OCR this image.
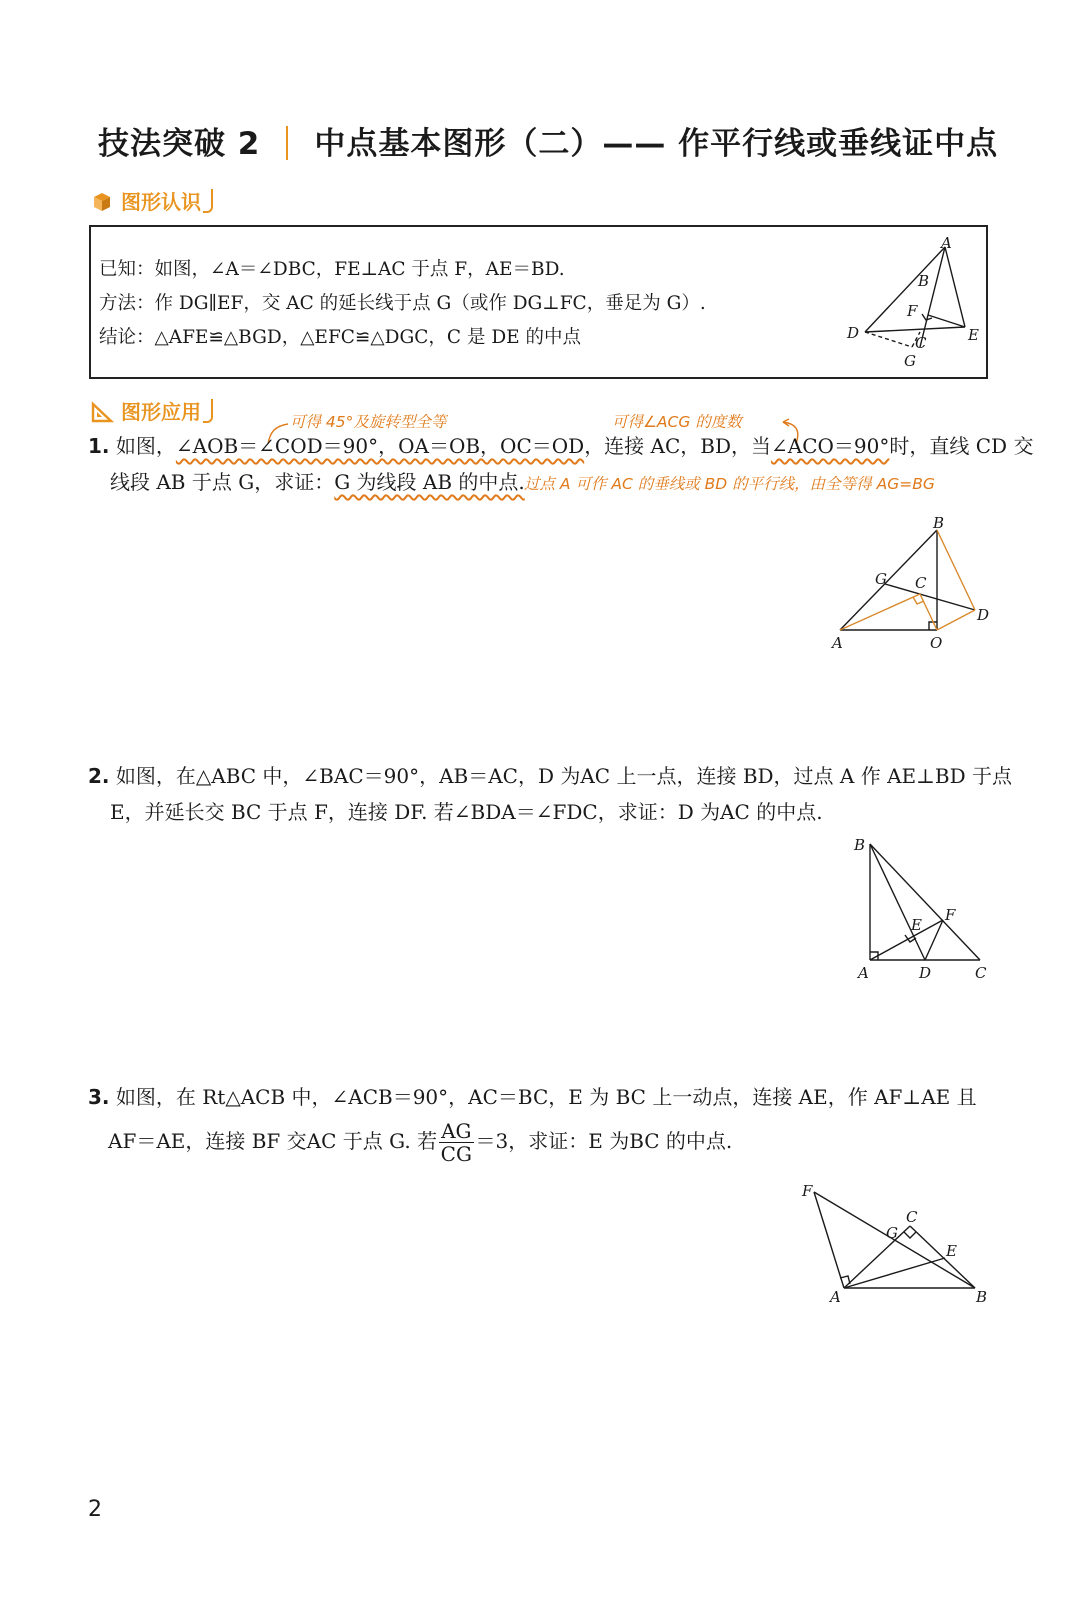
技法突破 2 中点基本图形（二）—— 作平行线或垂线证中点
图形认识
已知：如图，∠A＝∠DBC，FE⊥AC 于点 F，AE＝BD.
方法：作 DG∥EF，交 AC 的延长线于点 G（或作 DG⊥FC，垂足为 G）.
结论：△AFE≌△BGD，△EFC≌△DGC，C 是 DE 的中点
A
B
F
C	E
D
G
图形应用	可得 45°及旋转型全等	可得∠ACG 的度数
1. 如图，∠AOB＝∠COD＝90°，OA＝OB，OC＝OD，连接 AC，BD，当∠ACO＝90°时，直线 CD 交
线段 AB 于点 G，求证：G 为线段 AB 的中点. 过点 A 可作 AC 的垂线或 BD 的平行线，由全等得 AG=BG
B
G C
D
A	O
2. 如图，在△ABC 中，∠BAC＝90°，AB＝AC，D 为AC 上一点，连接 BD，过点 A 作 AE⊥BD 于点
E，并延长交 BC 于点 F，连接 DF. 若∠BDA＝∠FDC，求证：D 为AC 的中点.
B
F
E
A	D	C
3. 如图，在 Rt△ACB 中，∠ACB＝90°，AC＝BC，E 为 BC 上一动点，连接 AE，作 AF⊥AE 且
AF＝AE，连接 BF 交AC 于点 G. 若 $\frac{AG}{CG} =3$，求证：E 为BC 的中点.
F
C
G
E
A	B
2
